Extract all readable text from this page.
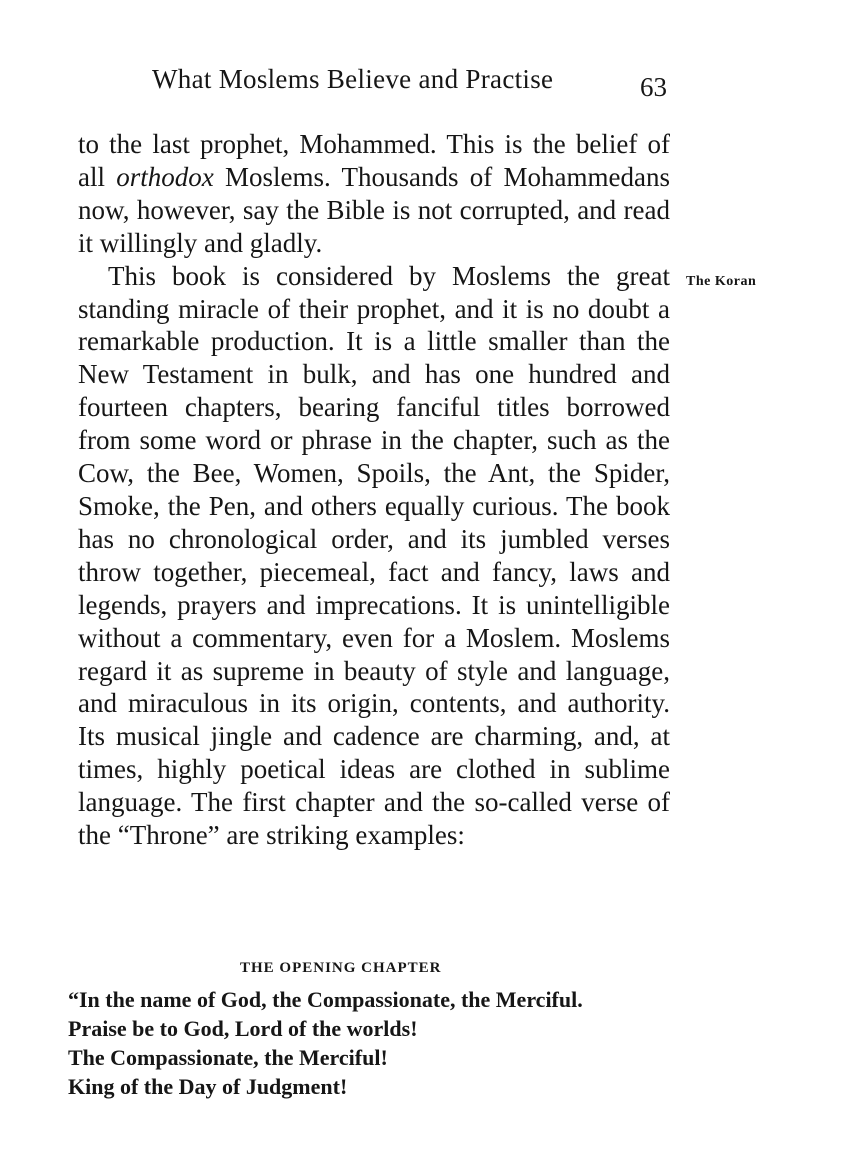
What Moslems Believe and Practise	63
The Koran

to the last prophet, Mohammed. This is the belief of all orthodox Moslems. Thousands of Mohammedans now, however, say the Bible is not corrupted, and read it willingly and gladly.

This book is considered by Moslems the great standing miracle of their prophet, and it is no doubt a remarkable production. It is a little smaller than the New Testament in bulk, and has one hundred and fourteen chapters, bearing fanciful titles borrowed from some word or phrase in the chapter, such as the Cow, the Bee, Women, Spoils, the Ant, the Spider, Smoke, the Pen, and others equally curious. The book has no chronological order, and its jumbled verses throw together, piecemeal, fact and fancy, laws and legends, prayers and imprecations. It is unintelligible without a commentary, even for a Moslem. Moslems regard it as supreme in beauty of style and language, and miraculous in its origin, contents, and authority. Its musical jingle and cadence are charming, and, at times, highly poetical ideas are clothed in sublime language. The first chapter and the so-called verse of the “Throne” are striking examples:

THE OPENING CHAPTER
“In the name of God, the Compassionate, the Merciful.
Praise be to God, Lord of the worlds!
The Compassionate, the Merciful!
King of the Day of Judgment!
